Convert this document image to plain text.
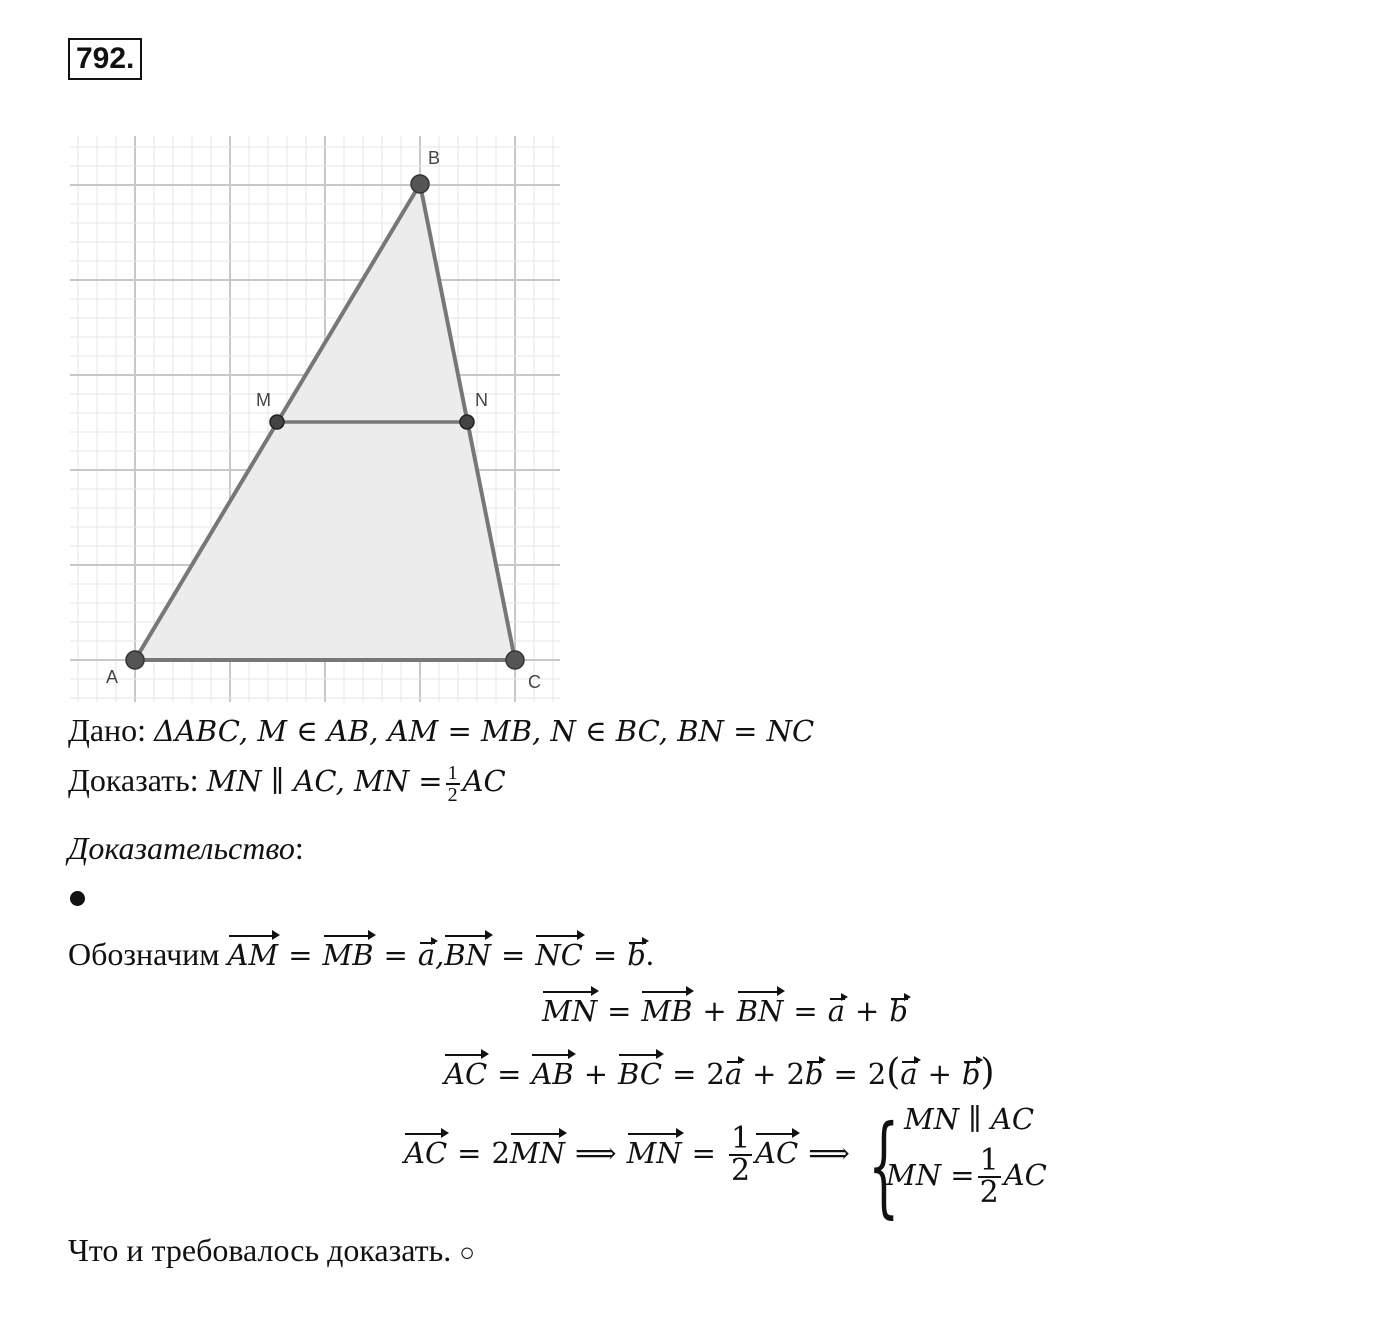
792.
A
B
C
M	N
Дано: ΔABC, M ∈ AB, AM = MB, N ∈ BC, BN = NC
Доказать: MN ∥ AC, MN = $\frac{1}{2}$ AC
Доказательство:
Обозначим AM = MB = a,BN = NC = b.
MN = MB + BN = a + b
AC = AB + BC = 2a + 2b = 2(a + b)
AC = 2MN ⟹ MN = $\frac{1}{2}$ AC ⟹ { MN ∥ AC
MN = $\frac{1}{2}$ AC
Что и требовалось доказать. ○
